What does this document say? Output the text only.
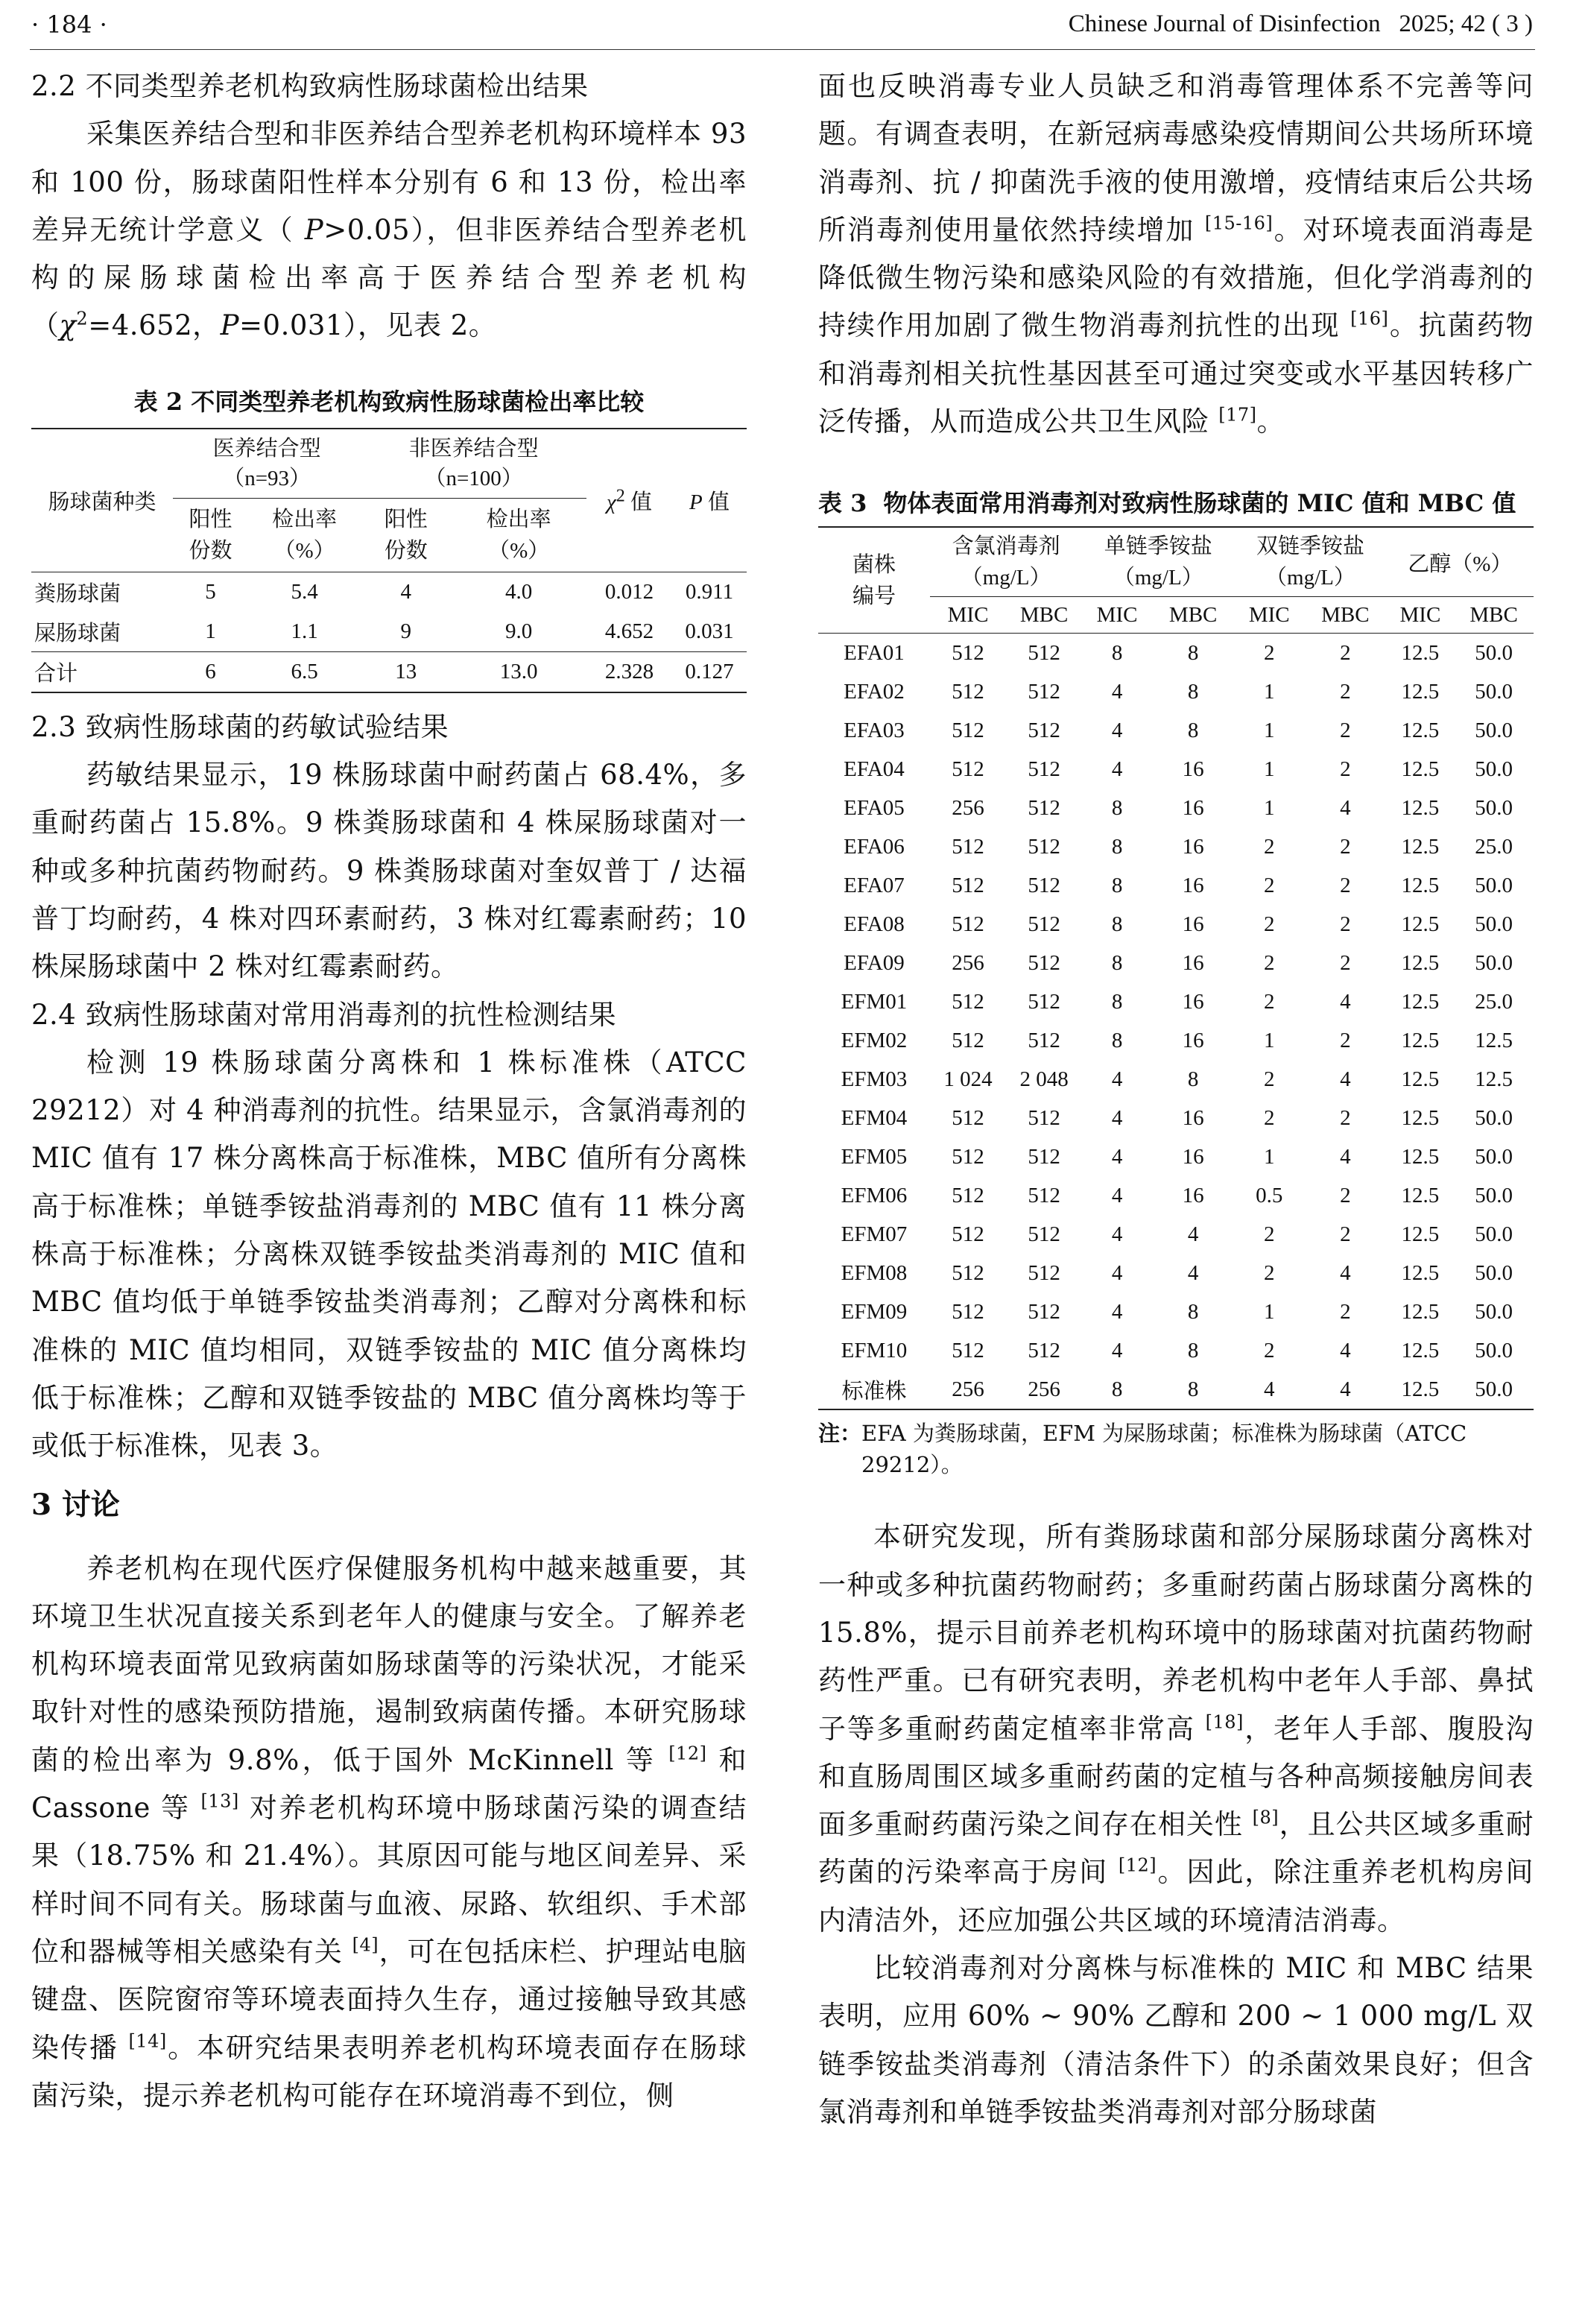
· 184 ·	Chinese Journal of Disinfection   2025; 42 ( 3 )

2.2 不同类型养老机构致病性肠球菌检出结果

采集医养结合型和非医养结合型养老机构环境样本 93 和 100 份，肠球菌阳性样本分别有 6 和 13 份，检出率差异无统计学意义（ P>0.05），但非医养结合型养老机构的屎肠球菌检出率高于医养结合型养老机构（$\chi^2=4.652$，P=0.031），见表 2。

表 2 不同类型养老机构致病性肠球菌检出率比较
肠球菌种类	医养结合型
（n=93）		非医养结合型
（n=100）		$\chi^2$ 值	P 值
	阳性
份数	检出率
（%）	阳性
份数	检出率
（%）		
粪肠球菌	5	5.4	4	4.0	0.012	0.911
屎肠球菌	1	1.1	9	9.0	4.652	0.031
合计	6	6.5	13	13.0	2.328	0.127

2.3 致病性肠球菌的药敏试验结果

药敏结果显示，19 株肠球菌中耐药菌占 68.4%，多重耐药菌占 15.8%。9 株粪肠球菌和 4 株屎肠球菌对一种或多种抗菌药物耐药。9 株粪肠球菌对奎奴普丁 / 达福普丁均耐药，4 株对四环素耐药，3 株对红霉素耐药；10 株屎肠球菌中 2 株对红霉素耐药。

2.4 致病性肠球菌对常用消毒剂的抗性检测结果

检测 19 株肠球菌分离株和 1 株标准株（ATCC 29212）对 4 种消毒剂的抗性。结果显示，含氯消毒剂的 MIC 值有 17 株分离株高于标准株，MBC 值所有分离株高于标准株；单链季铵盐消毒剂的 MBC 值有 11 株分离株高于标准株；分离株双链季铵盐类消毒剂的 MIC 值和 MBC 值均低于单链季铵盐类消毒剂；乙醇对分离株和标准株的 MIC 值均相同，双链季铵盐的 MIC 值分离株均低于标准株；乙醇和双链季铵盐的 MBC 值分离株均等于或低于标准株，见表 3。

3 讨论

养老机构在现代医疗保健服务机构中越来越重要，其环境卫生状况直接关系到老年人的健康与安全。了解养老机构环境表面常见致病菌如肠球菌等的污染状况，才能采取针对性的感染预防措施，遏制致病菌传播。本研究肠球菌的检出率为 9.8%，低于国外 McKinnell 等 [12] 和 Cassone 等 [13] 对养老机构环境中肠球菌污染的调查结果（18.75% 和 21.4%）。其原因可能与地区间差异、采样时间不同有关。肠球菌与血液、尿路、软组织、手术部位和器械等相关感染有关 [4]，可在包括床栏、护理站电脑键盘、医院窗帘等环境表面持久生存，通过接触导致其感染传播 [14]。本研究结果表明养老机构环境表面存在肠球菌污染，提示养老机构可能存在环境消毒不到位，侧

面也反映消毒专业人员缺乏和消毒管理体系不完善等问题。有调查表明，在新冠病毒感染疫情期间公共场所环境消毒剂、抗 / 抑菌洗手液的使用激增，疫情结束后公共场所消毒剂使用量依然持续增加 [15-16]。对环境表面消毒是降低微生物污染和感染风险的有效措施，但化学消毒剂的持续作用加剧了微生物消毒剂抗性的出现 [16]。抗菌药物和消毒剂相关抗性基因甚至可通过突变或水平基因转移广泛传播，从而造成公共卫生风险 [17]。

表 3 物体表面常用消毒剂对致病性肠球菌的 MIC 值和 MBC 值
菌株
编号	含氯消毒剂
（mg/L）		单链季铵盐
（mg/L）		双链季铵盐
（mg/L）		乙醇（%）	
	MIC	MBC	MIC	MBC	MIC	MBC	MIC	MBC
EFA01	512	512	8	8	2	2	12.5	50.0
EFA02	512	512	4	8	1	2	12.5	50.0
EFA03	512	512	4	8	1	2	12.5	50.0
EFA04	512	512	4	16	1	2	12.5	50.0
EFA05	256	512	8	16	1	4	12.5	50.0
EFA06	512	512	8	16	2	2	12.5	25.0
EFA07	512	512	8	16	2	2	12.5	50.0
EFA08	512	512	8	16	2	2	12.5	50.0
EFA09	256	512	8	16	2	2	12.5	50.0
EFM01	512	512	8	16	2	4	12.5	25.0
EFM02	512	512	8	16	1	2	12.5	12.5
EFM03	1 024	2 048	4	8	2	4	12.5	12.5
EFM04	512	512	4	16	2	2	12.5	50.0
EFM05	512	512	4	16	1	4	12.5	50.0
EFM06	512	512	4	16	0.5	2	12.5	50.0
EFM07	512	512	4	4	2	2	12.5	50.0
EFM08	512	512	4	4	2	4	12.5	50.0
EFM09	512	512	4	8	1	2	12.5	50.0
EFM10	512	512	4	8	2	4	12.5	50.0
标准株	256	256	8	8	4	4	12.5	50.0
注： EFA 为粪肠球菌，EFM 为屎肠球菌；标准株为肠球菌（ATCC 29212）。

本研究发现，所有粪肠球菌和部分屎肠球菌分离株对一种或多种抗菌药物耐药；多重耐药菌占肠球菌分离株的 15.8%，提示目前养老机构环境中的肠球菌对抗菌药物耐药性严重。已有研究表明，养老机构中老年人手部、鼻拭子等多重耐药菌定植率非常高 [18]，老年人手部、腹股沟和直肠周围区域多重耐药菌的定植与各种高频接触房间表面多重耐药菌污染之间存在相关性 [8]，且公共区域多重耐药菌的污染率高于房间 [12]。因此，除注重养老机构房间内清洁外，还应加强公共区域的环境清洁消毒。

比较消毒剂对分离株与标准株的 MIC 和 MBC 结果表明，应用 60% ~ 90% 乙醇和 200 ~ 1 000 mg/L 双链季铵盐类消毒剂（清洁条件下）的杀菌效果良好；但含氯消毒剂和单链季铵盐类消毒剂对部分肠球菌
